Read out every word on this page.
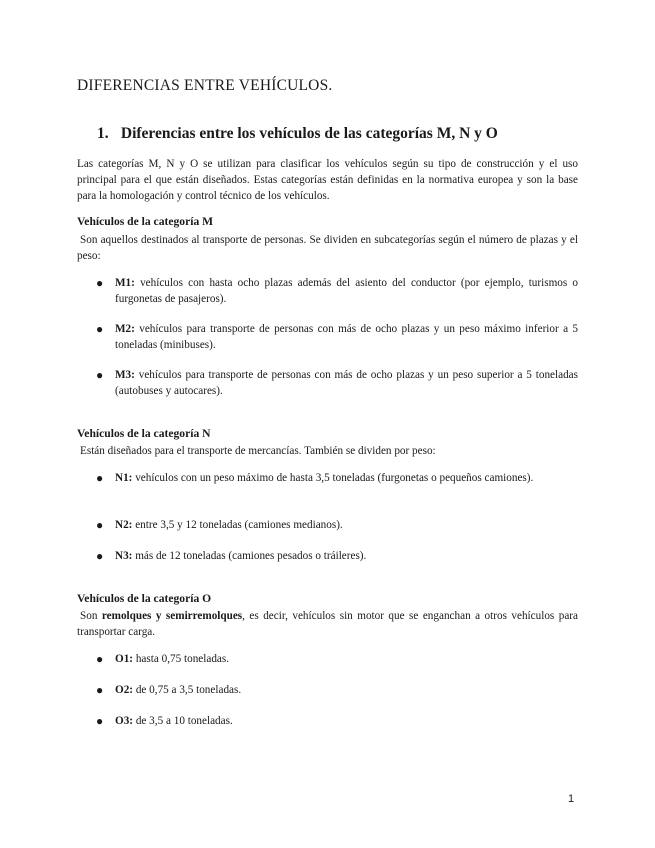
DIFERENCIAS ENTRE VEHÍCULOS.
1. Diferencias entre los vehículos de las categorías M, N y O

Las categorías M, N y O se utilizan para clasificar los vehículos según su tipo de construcción y el uso principal para el que están diseñados. Estas categorías están definidas en la normativa europea y son la base para la homologación y control técnico de los vehículos.

Vehículos de la categoría M

Son aquellos destinados al transporte de personas. Se dividen en subcategorías según el número de plazas y el peso:

● M1: vehículos con hasta ocho plazas además del asiento del conductor (por ejemplo, turismos o furgonetas de pasajeros).
● M2: vehículos para transporte de personas con más de ocho plazas y un peso máximo inferior a 5 toneladas (minibuses).
● M3: vehículos para transporte de personas con más de ocho plazas y un peso superior a 5 toneladas (autobuses y autocares).
Vehículos de la categoría N

Están diseñados para el transporte de mercancías. También se dividen por peso:

● N1: vehículos con un peso máximo de hasta 3,5 toneladas (furgonetas o pequeños camiones).
● N2: entre 3,5 y 12 toneladas (camiones medianos).
● N3: más de 12 toneladas (camiones pesados o tráileres).
Vehículos de la categoría O

Son remolques y semirremolques, es decir, vehículos sin motor que se enganchan a otros vehículos para transportar carga.

● O1: hasta 0,75 toneladas.
● O2: de 0,75 a 3,5 toneladas.
● O3: de 3,5 a 10 toneladas.
1
